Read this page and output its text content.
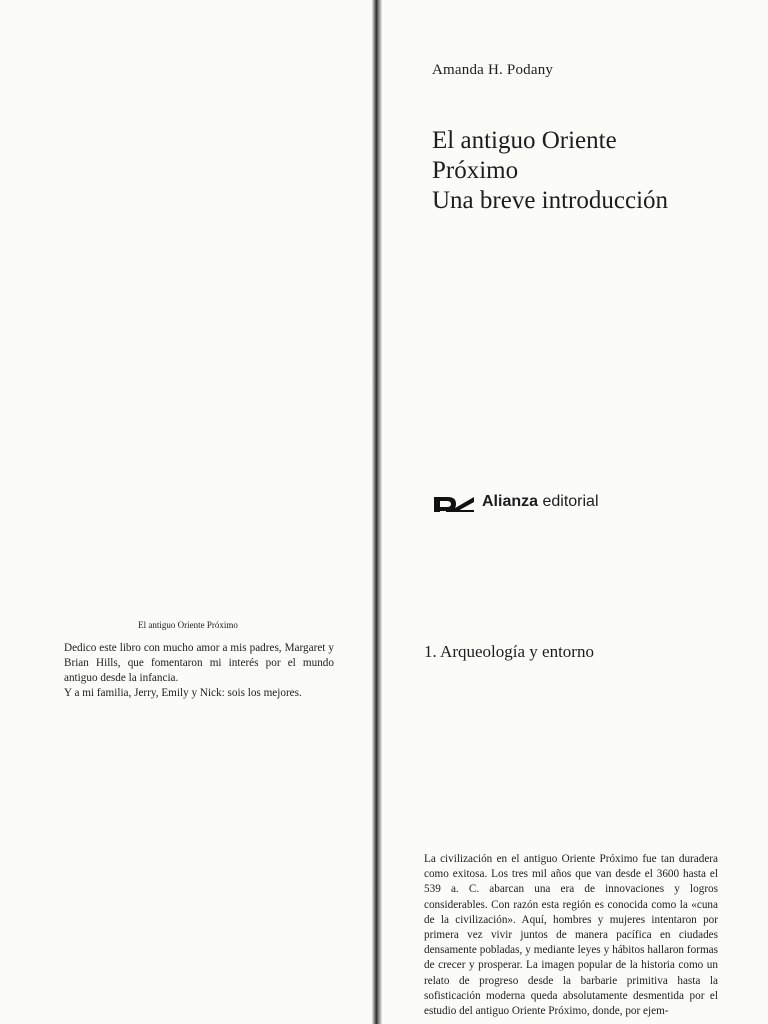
Amanda H. Podany
El antiguo Oriente
Próximo
Una breve introducción
Alianza editorial
El antiguo Oriente Próximo

Dedico este libro con mucho amor a mis padres, Margaret y Brian Hills, que fomentaron mi interés por el mundo antiguo desde la infancia.

Y a mi familia, Jerry, Emily y Nick: sois los mejores.

1. Arqueología y entorno

La civilización en el antiguo Oriente Próximo fue tan duradera como exitosa. Los tres mil años que van desde el 3600 hasta el 539 a. C. abarcan una era de innovaciones y logros considerables. Con razón esta región es conocida como la «cuna de la civilización». Aquí, hombres y mujeres intentaron por primera vez vivir juntos de manera pacífica en ciudades densamente pobladas, y mediante leyes y hábitos hallaron formas de crecer y prosperar. La imagen popular de la historia como un relato de progreso desde la barbarie primitiva hasta la sofisticación moderna queda absolutamente desmentida por el estudio del antiguo Oriente Próximo, donde, por ejem-
